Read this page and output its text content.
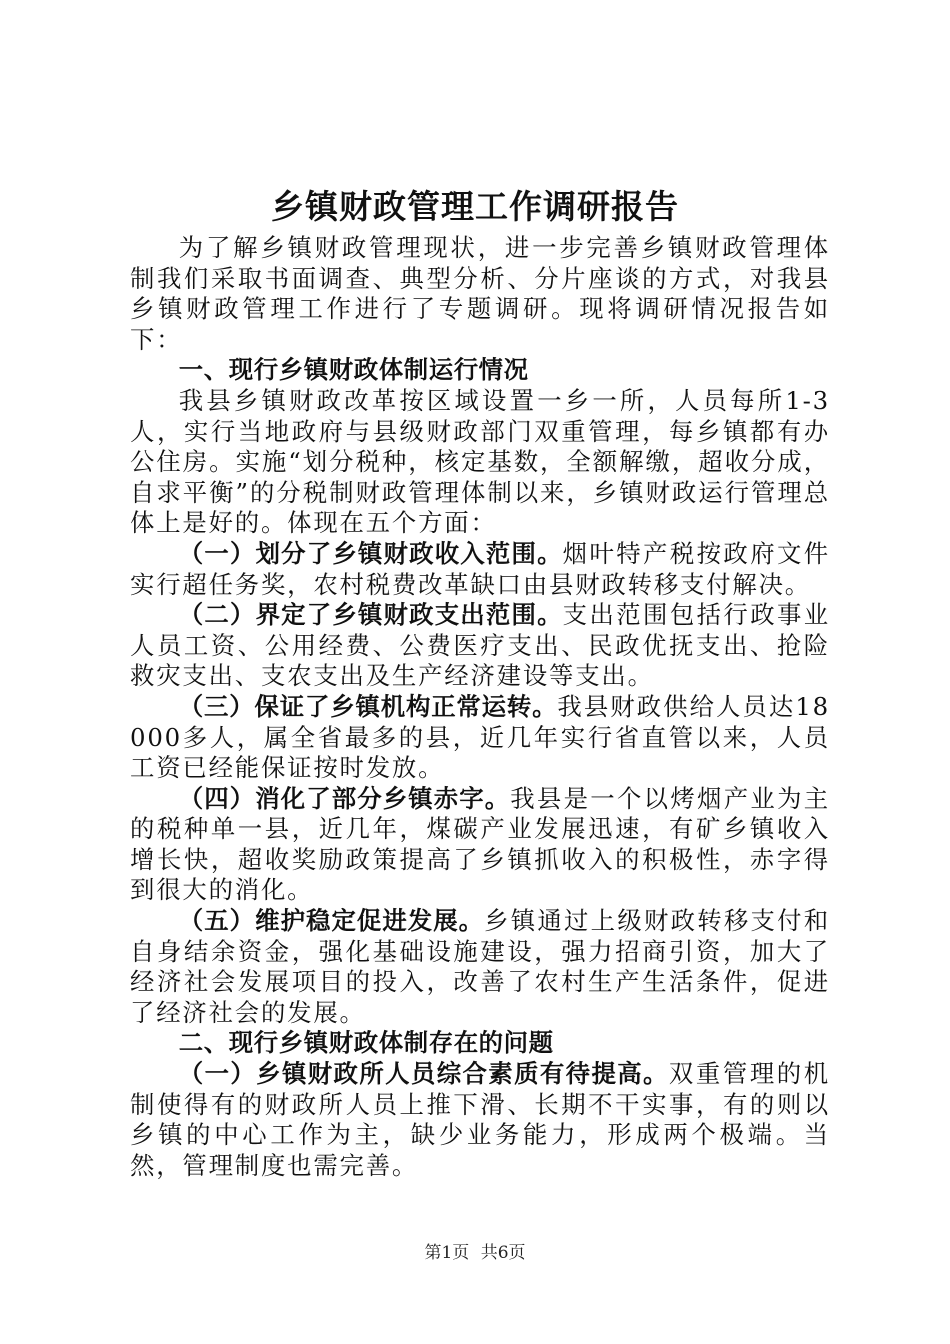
乡镇财政管理工作调研报告

为了解乡镇财政管理现状，进一步完善乡镇财政管理体制我们采取书面调查、典型分析、分片座谈的方式，对我县乡镇财政管理工作进行了专题调研。现将调研情况报告如下：

一、现行乡镇财政体制运行情况

我县乡镇财政改革按区域设置一乡一所，人员每所1-3人，实行当地政府与县级财政部门双重管理，每乡镇都有办公住房。实施“划分税种，核定基数，全额解缴，超收分成，自求平衡”的分税制财政管理体制以来，乡镇财政运行管理总体上是好的。体现在五个方面：

（一）划分了乡镇财政收入范围。烟叶特产税按政府文件实行超任务奖，农村税费改革缺口由县财政转移支付解决。

（二）界定了乡镇财政支出范围。支出范围包括行政事业人员工资、公用经费、公费医疗支出、民政优抚支出、抢险救灾支出、支农支出及生产经济建设等支出。

（三）保证了乡镇机构正常运转。我县财政供给人员达18000多人，属全省最多的县，近几年实行省直管以来，人员工资已经能保证按时发放。

（四）消化了部分乡镇赤字。我县是一个以烤烟产业为主的税种单一县，近几年，煤碳产业发展迅速，有矿乡镇收入增长快，超收奖励政策提高了乡镇抓收入的积极性，赤字得到很大的消化。

（五）维护稳定促进发展。乡镇通过上级财政转移支付和自身结余资金，强化基础设施建设，强力招商引资，加大了经济社会发展项目的投入，改善了农村生产生活条件，促进了经济社会的发展。

二、现行乡镇财政体制存在的问题

（一）乡镇财政所人员综合素质有待提高。双重管理的机制使得有的财政所人员上推下滑、长期不干实事，有的则以乡镇的中心工作为主，缺少业务能力，形成两个极端。当然，管理制度也需完善。

第1页 共6页
